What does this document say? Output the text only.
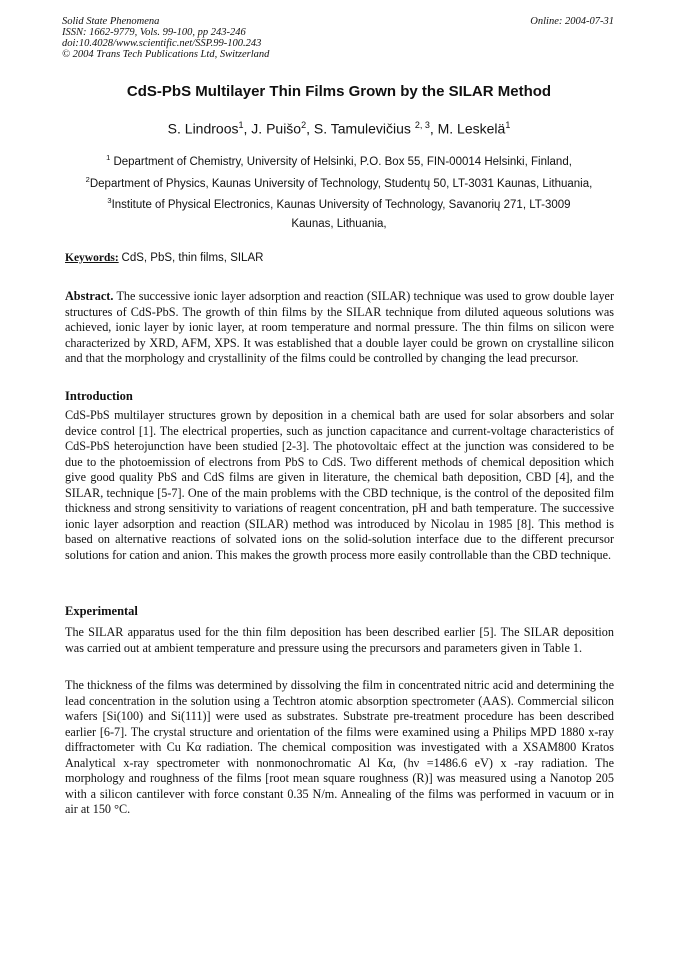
Solid State Phenomena
ISSN: 1662-9779, Vols. 99-100, pp 243-246
doi:10.4028/www.scientific.net/SSP.99-100.243
© 2004 Trans Tech Publications Ltd, Switzerland
Online: 2004-07-31
CdS-PbS Multilayer Thin Films Grown by the SILAR Method
S. Lindroos$^1$, J. Puišo$^2$, S. Tamulevičius $^{2, 3}$, M. Leskelä$^1$
$^1$ Department of Chemistry, University of Helsinki, P.O. Box 55, FIN-00014 Helsinki, Finland,
$^2$Department of Physics, Kaunas University of Technology, Studentų 50, LT-3031 Kaunas, Lithuania,
$^3$Institute of Physical Electronics, Kaunas University of Technology, Savanorių 271, LT-3009
Kaunas, Lithuania,
Keywords: CdS, PbS, thin films, SILAR
Abstract. The successive ionic layer adsorption and reaction (SILAR) technique was used to grow double layer structures of CdS-PbS. The growth of thin films by the SILAR technique from diluted aqueous solutions was achieved, ionic layer by ionic layer, at room temperature and normal pressure. The thin films on silicon were characterized by XRD, AFM, XPS. It was established that a double layer could be grown on crystalline silicon and that the morphology and crystallinity of the films could be controlled by changing the lead precursor.
Introduction
CdS-PbS multilayer structures grown by deposition in a chemical bath are used for solar absorbers and solar device control [1]. The electrical properties, such as junction capacitance and current-voltage characteristics of CdS-PbS heterojunction have been studied [2-3]. The photovoltaic effect at the junction was considered to be due to the photoemission of electrons from PbS to CdS. Two different methods of chemical deposition which give good quality PbS and CdS films are given in literature, the chemical bath deposition, CBD [4], and the SILAR, technique [5-7]. One of the main problems with the CBD technique, is the control of the deposited film thickness and strong sensitivity to variations of reagent concentration, pH and bath temperature. The successive ionic layer adsorption and reaction (SILAR) method was introduced by Nicolau in 1985 [8]. This method is based on alternative reactions of solvated ions on the solid-solution interface due to the different precursor solutions for cation and anion. This makes the growth process more easily controllable than the CBD technique.
Experimental
The SILAR apparatus used for the thin film deposition has been described earlier [5]. The SILAR deposition was carried out at ambient temperature and pressure using the precursors and parameters given in Table 1.
The thickness of the films was determined by dissolving the film in concentrated nitric acid and determining the lead concentration in the solution using a Techtron atomic absorption spectrometer (AAS). Commercial silicon wafers [Si(100) and Si(111)] were used as substrates. Substrate pre-treatment procedure has been described earlier [6-7]. The crystal structure and orientation of the films were examined using a Philips MPD 1880 x-ray diffractometer with Cu Kα radiation. The chemical composition was investigated with a XSAM800 Kratos Analytical x-ray spectrometer with nonmonochromatic Al Kα, (hν =1486.6 eV) x -ray radiation. The morphology and roughness of the films [root mean square roughness (R)] was measured using a Nanotop 205 with a silicon cantilever with force constant 0.35 N/m. Annealing of the films was performed in vacuum or in air at 150 °C.
